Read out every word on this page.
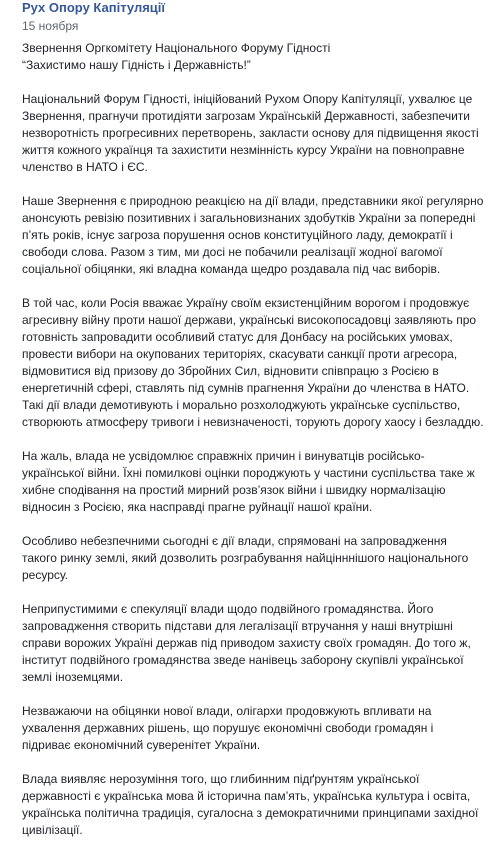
Рух Опору Капітуляції
15 ноября

Звернення Оргкомітету Національного Форуму Гідності
“Захистимо нашу Гідність і Державність!”

Національний Форум Гідності, ініційований Рухом Опору Капітуляції, ухвалює це Звернення, прагнучи протидіяти загрозам Українській Державності, забезпечити незворотність прогресивних перетворень, закласти основу для підвищення якості життя кожного українця та захистити незмінність курсу України на повноправне членство в НАТО і ЄС.

Наше Звернення є природною реакцією на дії влади, представники якої регулярно анонсують ревізію позитивних і загальновизнаних здобутків України за попередні п’ять років, існує загроза порушення основ конституційного ладу, демократії і свободи слова. Разом з тим, ми досі не побачили реалізації жодної вагомої соціальної обіцянки, які владна команда щедро роздавала під час виборів.

В той час, коли Росія вважає Україну своїм екзистенційним ворогом і продовжує агресивну війну проти нашої держави, українські високопосадовці заявляють про готовність запровадити особливий статус для Донбасу на російських умовах, провести вибори на окупованих територіях, скасувати санкції проти агресора, відмовитися від призову до Збройних Сил, відновити співпрацю з Росією в енергетичній сфері, ставлять під сумнів прагнення України до членства в НАТО. Такі дії влади демотивують і морально розхолоджують українське суспільство, створюють атмосферу тривоги і невизначеності, торують дорогу хаосу і безладдю.

На жаль, влада не усвідомлює справжніх причин і винуватців російсько-української війни. Їхні помилкові оцінки породжують у частини суспільства таке ж хибне сподівання на простий мирний розв’язок війни і швидку нормалізацію відносин з Росією, яка насправді прагне руйнації нашої країни.

Особливо небезпечними сьогодні є дії влади, спрямовані на запровадження такого ринку землі, який дозволить розграбування найцінннішого національного ресурсу.

Неприпустимими є спекуляції влади щодо подвійного громадянства. Його запровадження створить підстави для легалізації втручання у наші внутрішні справи ворожих Україні держав під приводом захисту своїх громадян. До того ж, інститут подвійного громадянства зведе нанівець заборону скупівлі української землі іноземцями.

Незважаючи на обіцянки нової влади, олігархи продовжують впливати на ухвалення державних рішень, що порушує економічні свободи громадян і підриває економічний суверенітет України.

Влада виявляє нерозуміння того, що глибинним підґрунтям української державності є українська мова й історична пам’ять, українська культура і освіта, українська політична традиція, сугалосна з демократичними принципами західної цивілізації.
